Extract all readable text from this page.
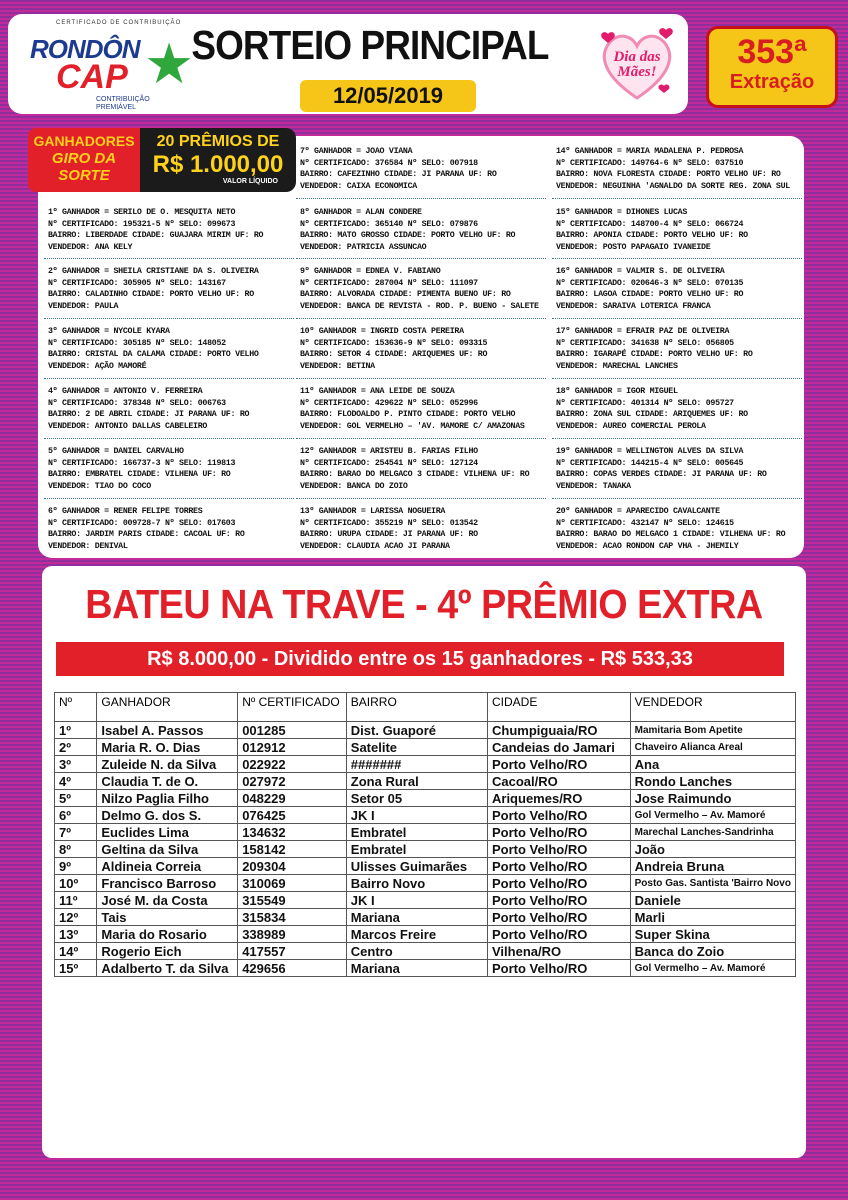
CERTIFICADO DE CONTRIBUIÇÃO
RONDÔN ★
CAP
CONTRIBUIÇÃO PREMIÁVEL
SORTEIO PRINCIPAL
12/05/2019
Dia das Mães!
353ª
Extração
GANHADORES
GIRO DA SORTE
20 PRÊMIOS DE
R$ 1.000,00
VALOR LÍQUIDO
1º GANHADOR = SERILO DE O. MESQUITA NETO
Nº CERTIFICADO: 195321-5 Nº SELO: 099673
BAIRRO: LIBERDADE CIDADE: GUAJARA MIRIM UF: RO
VENDEDOR: ANA KELY
2º GANHADOR = SHEILA CRISTIANE DA S. OLIVEIRA
Nº CERTIFICADO: 305905 Nº SELO: 143167
BAIRRO: CALADINHO CIDADE: PORTO VELHO UF: RO
VENDEDOR: PAULA
3º GANHADOR = NYCOLE KYARA
Nº CERTIFICADO: 305185 Nº SELO: 148052
BAIRRO: CRISTAL DA CALAMA CIDADE: PORTO VELHO
VENDEDOR: AÇÃO MAMORÉ
4º GANHADOR = ANTONIO V. FERREIRA
Nº CERTIFICADO: 378348 Nº SELO: 006763
BAIRRO: 2 DE ABRIL CIDADE: JI PARANA UF: RO
VENDEDOR: ANTONIO DALLAS CABELEIRO
5º GANHADOR = DANIEL CARVALHO
Nº CERTIFICADO: 166737-3 Nº SELO: 119813
BAIRRO: EMBRATEL CIDADE: VILHENA UF: RO
VENDEDOR: TIAO DO COCO
6º GANHADOR = RENER FELIPE TORRES
Nº CERTIFICADO: 009728-7 Nº SELO: 017603
BAIRRO: JARDIM PARIS CIDADE: CACOAL UF: RO
VENDEDOR: DENIVAL
7º GANHADOR = JOAO VIANA
Nº CERTIFICADO: 376584 Nº SELO: 007918
BAIRRO: CAFEZINHO CIDADE: JI PARANA UF: RO
VENDEDOR: CAIXA ECONOMICA
8º GANHADOR = ALAN CONDERE
Nº CERTIFICADO: 365140 Nº SELO: 079876
BAIRRO: MATO GROSSO CIDADE: PORTO VELHO UF: RO
VENDEDOR: PATRICIA ASSUNCAO
9º GANHADOR = EDNEA V. FABIANO
Nº CERTIFICADO: 287004 Nº SELO: 111097
BAIRRO: ALVORADA CIDADE: PIMENTA BUENO UF: RO
VENDEDOR: BANCA DE REVISTA - ROD. P. BUENO - SALETE
10º GANHADOR = INGRID COSTA PEREIRA
Nº CERTIFICADO: 153636-9 Nº SELO: 093315
BAIRRO: SETOR 4 CIDADE: ARIQUEMES UF: RO
VENDEDOR: BETINA
11º GANHADOR = ANA LEIDE DE SOUZA
Nº CERTIFICADO: 429622 Nº SELO: 052996
BAIRRO: FLODOALDO P. PINTO CIDADE: PORTO VELHO
VENDEDOR: GOL VERMELHO – 'AV. MAMORE C/ AMAZONAS
12º GANHADOR = ARISTEU B. FARIAS FILHO
Nº CERTIFICADO: 254541 Nº SELO: 127124
BAIRRO: BARAO DO MELGACO 3 CIDADE: VILHENA UF: RO
VENDEDOR: BANCA DO ZOIO
13º GANHADOR = LARISSA NOGUEIRA
Nº CERTIFICADO: 355219 Nº SELO: 013542
BAIRRO: URUPA CIDADE: JI PARANA UF: RO
VENDEDOR: CLAUDIA ACAO JI PARANA
14º GANHADOR = MARIA MADALENA P. PEDROSA
Nº CERTIFICADO: 149764-6 Nº SELO: 037510
BAIRRO: NOVA FLORESTA CIDADE: PORTO VELHO UF: RO
VENDEDOR: NEGUINHA 'AGNALDO DA SORTE REG. ZONA SUL
15º GANHADOR = DIHONES LUCAS
Nº CERTIFICADO: 148700-4 Nº SELO: 066724
BAIRRO: APONIA CIDADE: PORTO VELHO UF: RO
VENDEDOR: POSTO PAPAGAIO IVANEIDE
16º GANHADOR = VALMIR S. DE OLIVEIRA
Nº CERTIFICADO: 020646-3 Nº SELO: 070135
BAIRRO: LAGOA CIDADE: PORTO VELHO UF: RO
VENDEDOR: SARAIVA LOTERICA FRANCA
17º GANHADOR = EFRAIR PAZ DE OLIVEIRA
Nº CERTIFICADO: 341638 Nº SELO: 056805
BAIRRO: IGARAPÉ CIDADE: PORTO VELHO UF: RO
VENDEDOR: MARECHAL LANCHES
18º GANHADOR = IGOR MIGUEL
Nº CERTIFICADO: 401314 Nº SELO: 095727
BAIRRO: ZONA SUL CIDADE: ARIQUEMES UF: RO
VENDEDOR: AUREO COMERCIAL PEROLA
19º GANHADOR = WELLINGTON ALVES DA SILVA
Nº CERTIFICADO: 144215-4 Nº SELO: 005645
BAIRRO: COPAS VERDES CIDADE: JI PARANA UF: RO
VENDEDOR: TANAKA
20º GANHADOR = APARECIDO CAVALCANTE
Nº CERTIFICADO: 432147 Nº SELO: 124615
BAIRRO: BARAO DO MELGACO 1 CIDADE: VILHENA UF: RO
VENDEDOR: ACAO RONDON CAP VHA - JHEMILY
BATEU NA TRAVE - 4º PRÊMIO EXTRA
R$ 8.000,00 - Dividido entre os 15 ganhadores - R$ 533,33
Nº	GANHADOR	Nº CERTIFICADO	BAIRRO	CIDADE	VENDEDOR
1º	Isabel A. Passos	001285	Dist. Guaporé	Chumpiguaia/RO	Mamitaria Bom Apetite
2º	Maria R. O. Dias	012912	Satelite	Candeias do Jamari	Chaveiro Alianca Areal
3º	Zuleide N. da Silva	022922	#######	Porto Velho/RO	Ana
4º	Claudia T. de O.	027972	Zona Rural	Cacoal/RO	Rondo Lanches
5º	Nilzo Paglia Filho	048229	Setor 05	Ariquemes/RO	Jose Raimundo
6º	Delmo G. dos S.	076425	JK I	Porto Velho/RO	Gol Vermelho – Av. Mamoré
7º	Euclides Lima	134632	Embratel	Porto Velho/RO	Marechal Lanches-Sandrinha
8º	Geltina da Silva	158142	Embratel	Porto Velho/RO	João
9º	Aldineia Correia	209304	Ulisses Guimarães	Porto Velho/RO	Andreia Bruna
10º	Francisco Barroso	310069	Bairro Novo	Porto Velho/RO	Posto Gas. Santista 'Bairro Novo
11º	José M. da Costa	315549	JK I	Porto Velho/RO	Daniele
12º	Tais	315834	Mariana	Porto Velho/RO	Marli
13º	Maria do Rosario	338989	Marcos Freire	Porto Velho/RO	Super Skina
14º	Rogerio Eich	417557	Centro	Vilhena/RO	Banca do Zoio
15º	Adalberto T. da Silva	429656	Mariana	Porto Velho/RO	Gol Vermelho – Av. Mamoré
